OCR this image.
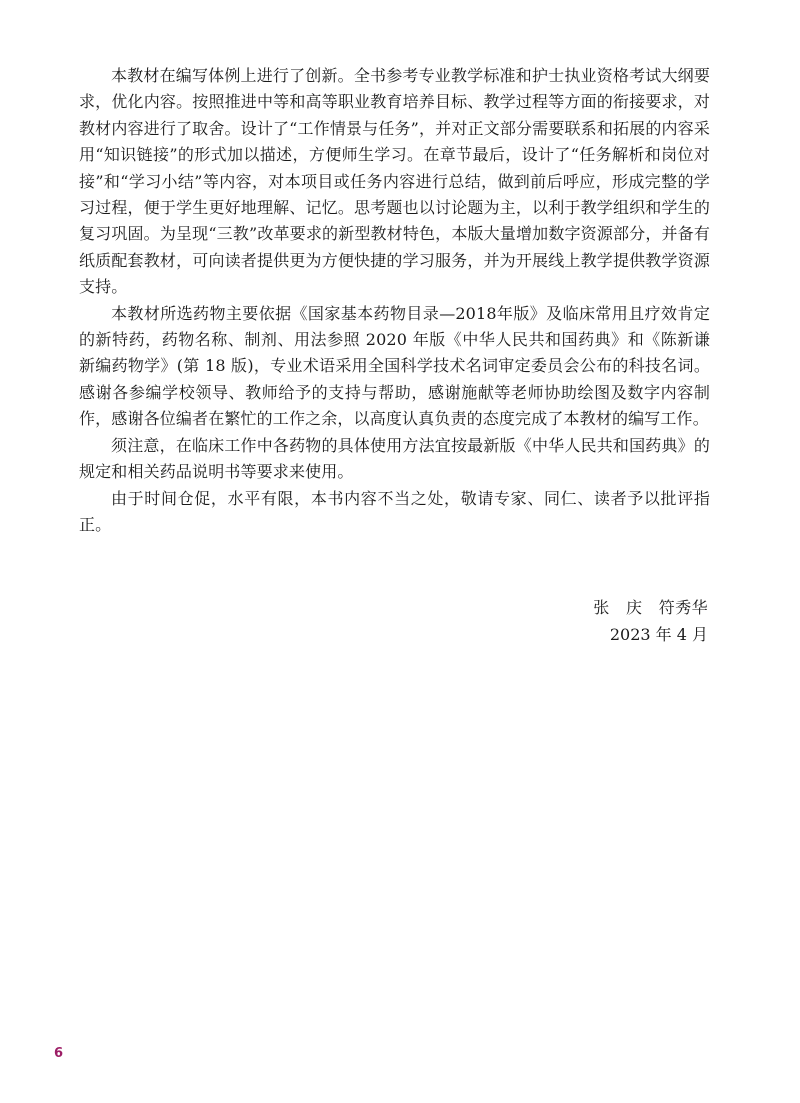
本教材在编写体例上进行了创新。全书参考专业教学标准和护士执业资格考试大纲要求，优化内容。按照推进中等和高等职业教育培养目标、教学过程等方面的衔接要求，对教材内容进行了取舍。设计了“工作情景与任务”，并对正文部分需要联系和拓展的内容采用“知识链接”的形式加以描述，方便师生学习。在章节最后，设计了“任务解析和岗位对接”和“学习小结”等内容，对本项目或任务内容进行总结，做到前后呼应，形成完整的学习过程，便于学生更好地理解、记忆。思考题也以讨论题为主，以利于教学组织和学生的复习巩固。为呈现“三教”改革要求的新型教材特色，本版大量增加数字资源部分，并备有纸质配套教材，可向读者提供更为方便快捷的学习服务，并为开展线上教学提供教学资源支持。

本教材所选药物主要依据《国家基本药物目录—2018年版》及临床常用且疗效肯定的新特药，药物名称、制剂、用法参照 2020 年版《中华人民共和国药典》和《陈新谦新编药物学》(第 18 版)，专业术语采用全国科学技术名词审定委员会公布的科技名词。感谢各参编学校领导、教师给予的支持与帮助，感谢施献等老师协助绘图及数字内容制作，感谢各位编者在繁忙的工作之余，以高度认真负责的态度完成了本教材的编写工作。

须注意，在临床工作中各药物的具体使用方法宜按最新版《中华人民共和国药典》的规定和相关药品说明书等要求来使用。

由于时间仓促，水平有限，本书内容不当之处，敬请专家、同仁、读者予以批评指正。

张　庆　符秀华
2023 年 4 月
6
